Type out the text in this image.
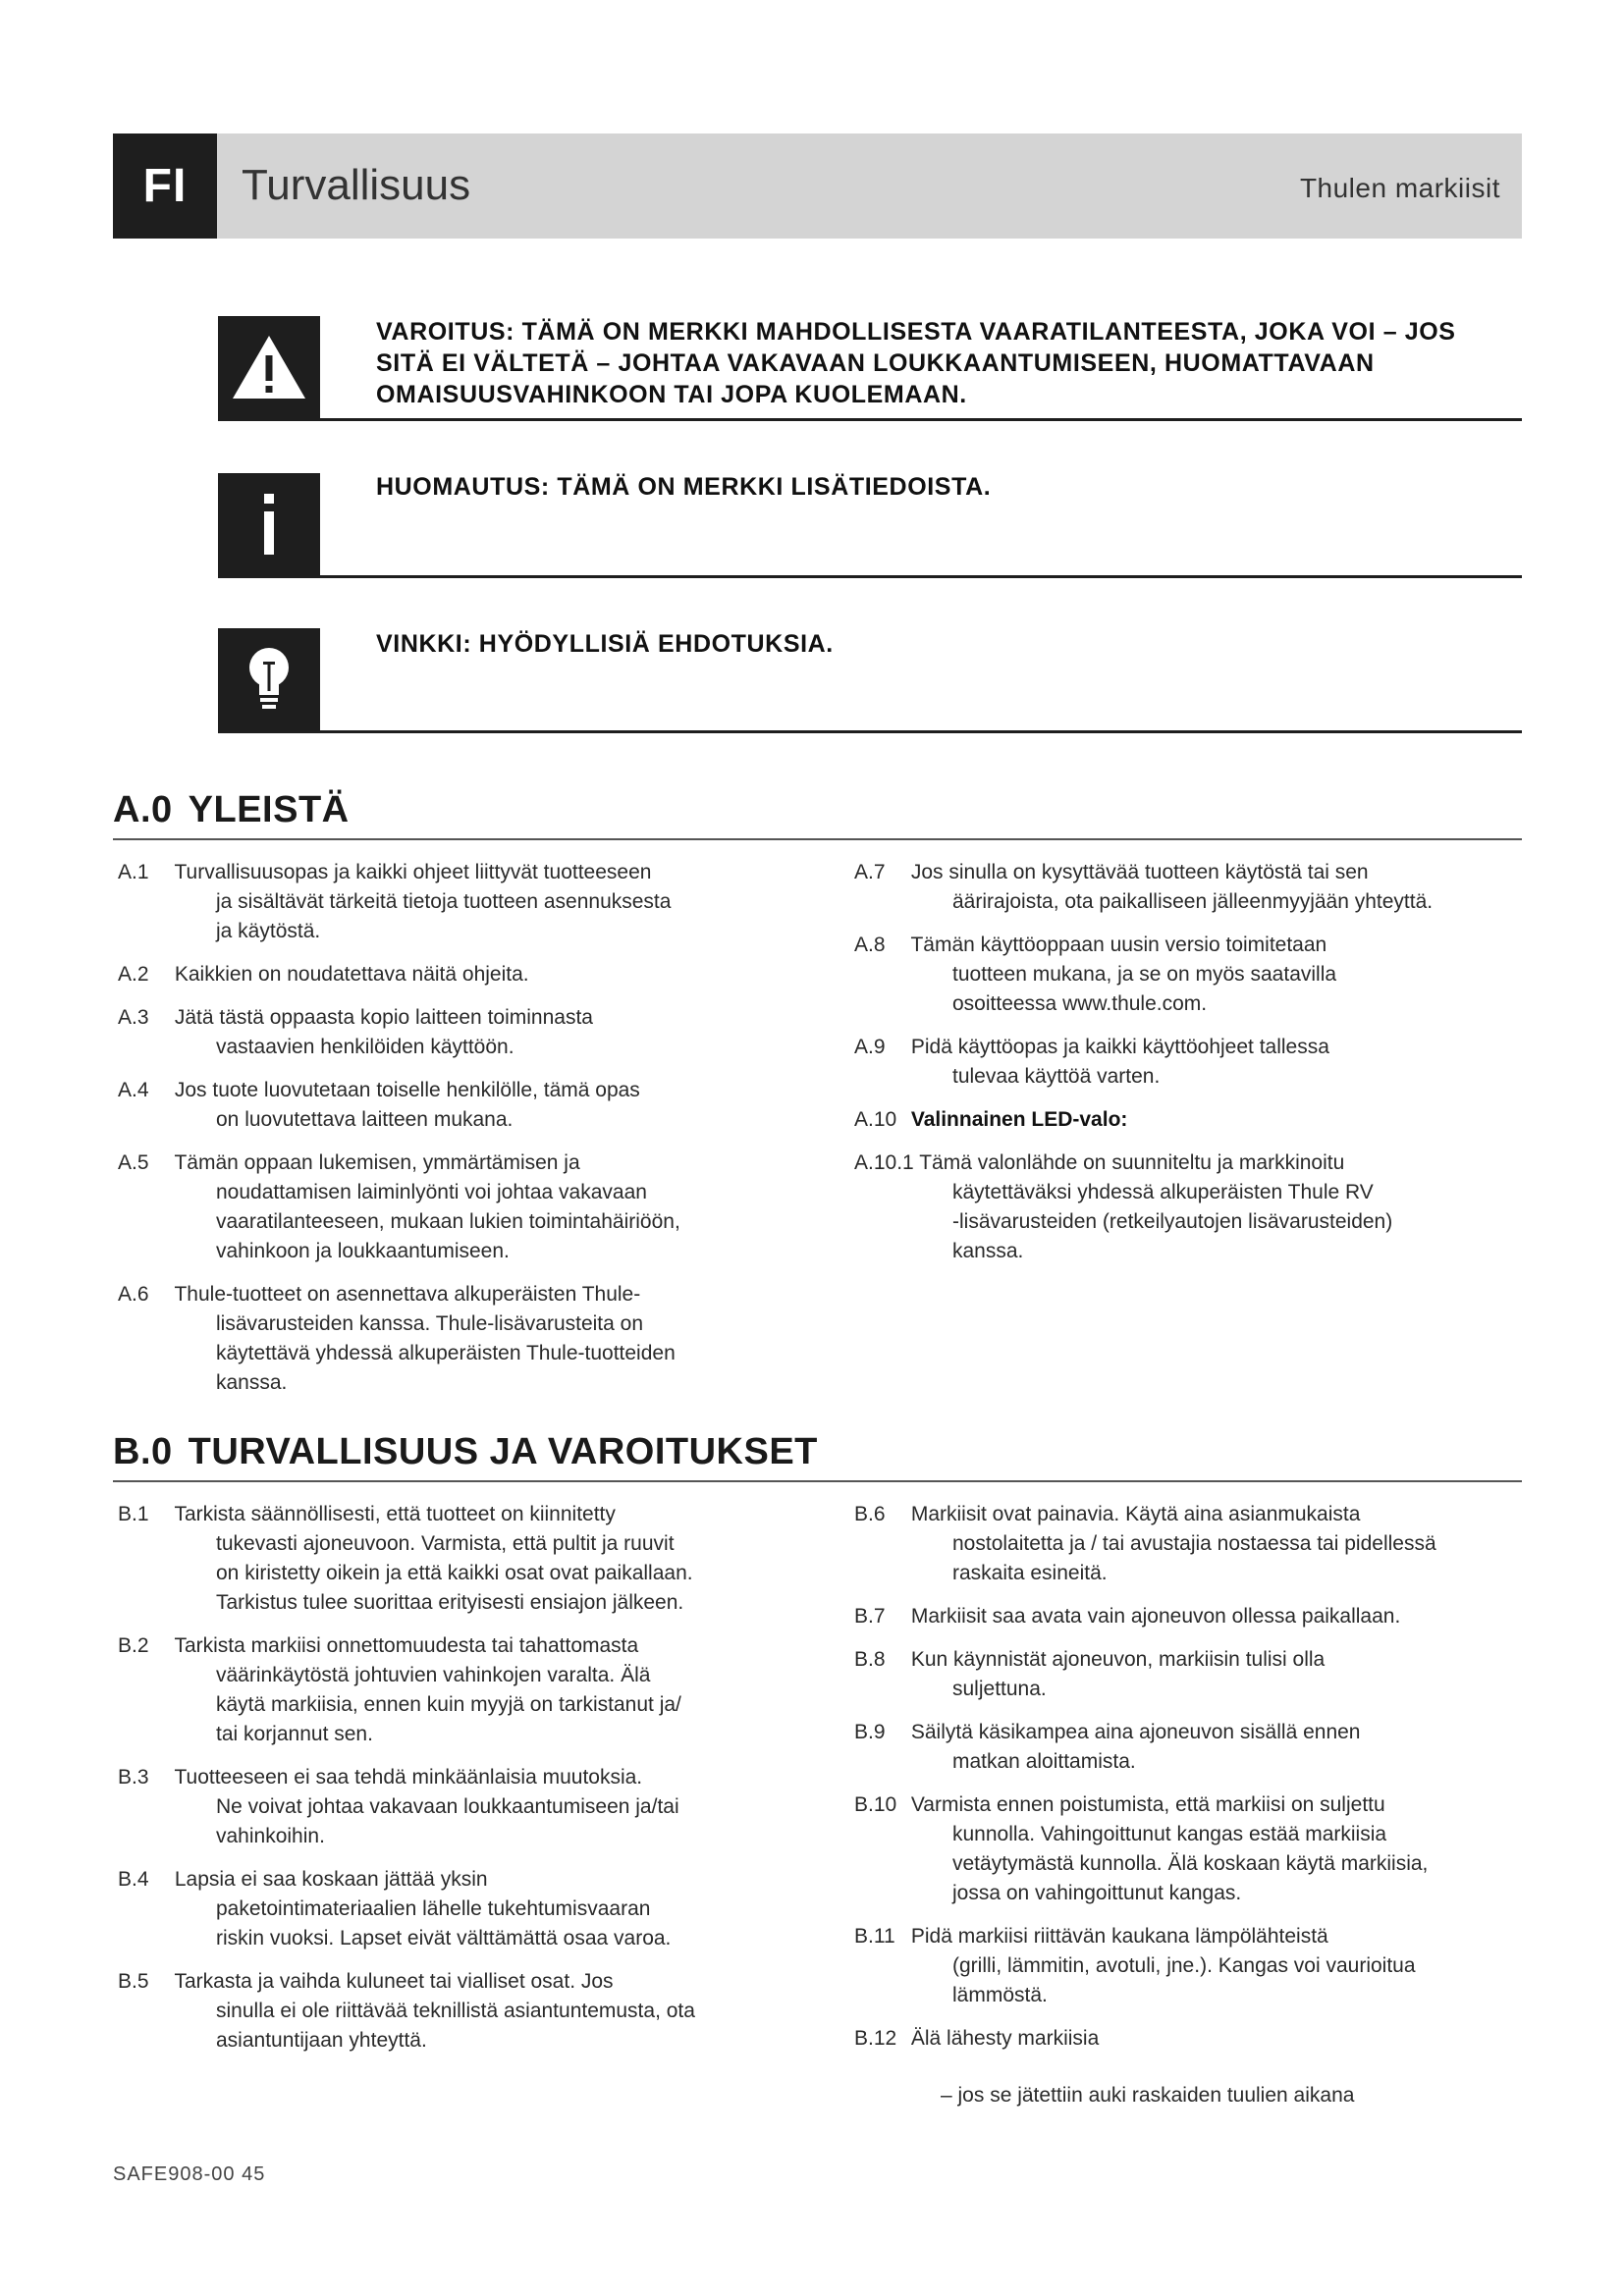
FI	Turvallisuus	Thulen markiisit
VAROITUS: TÄMÄ ON MERKKI MAHDOLLISESTA VAARATILANTEESTA, JOKA VOI – JOS SITÄ EI VÄLTETÄ – JOHTAA VAKAVAAN LOUKKAANTUMISEEN, HUOMATTAVAAN OMAISUUSVAHINKOON TAI JOPA KUOLEMAAN.
HUOMAUTUS: TÄMÄ ON MERKKI LISÄTIEDOISTA.
VINKKI: HYÖDYLLISIÄ EHDOTUKSIA.
A.0 YLEISTÄ
A.1 Turvallisuusopas ja kaikki ohjeet liittyvät tuotteeseen
ja sisältävät tärkeitä tietoja tuotteen asennuksesta
ja käytöstä.
A.2 Kaikkien on noudatettava näitä ohjeita.
A.3 Jätä tästä oppaasta kopio laitteen toiminnasta
vastaavien henkilöiden käyttöön.
A.4 Jos tuote luovutetaan toiselle henkilölle, tämä opas
on luovutettava laitteen mukana.
A.5 Tämän oppaan lukemisen, ymmärtämisen ja
noudattamisen laiminlyönti voi johtaa vakavaan
vaaratilanteeseen, mukaan lukien toimintahäiriöön,
vahinkoon ja loukkaantumiseen.
A.6 Thule-tuotteet on asennettava alkuperäisten Thule-
lisävarusteiden kanssa. Thule-lisävarusteita on
käytettävä yhdessä alkuperäisten Thule-tuotteiden
kanssa.
A.7 Jos sinulla on kysyttävää tuotteen käytöstä tai sen
äärirajoista, ota paikalliseen jälleenmyyjään yhteyttä.
A.8 Tämän käyttöoppaan uusin versio toimitetaan
tuotteen mukana, ja se on myös saatavilla
osoitteessa www.thule.com.
A.9 Pidä käyttöopas ja kaikki käyttöohjeet tallessa
tulevaa käyttöä varten.
A.10 Valinnainen LED-valo:
A.10.1 Tämä valonlähde on suunniteltu ja markkinoitu
käytettäväksi yhdessä alkuperäisten Thule RV
-lisävarusteiden (retkeilyautojen lisävarusteiden)
kanssa.
B.0 TURVALLISUUS JA VAROITUKSET
B.1 Tarkista säännöllisesti, että tuotteet on kiinnitetty
tukevasti ajoneuvoon. Varmista, että pultit ja ruuvit
on kiristetty oikein ja että kaikki osat ovat paikallaan.
Tarkistus tulee suorittaa erityisesti ensiajon jälkeen.
B.2 Tarkista markiisi onnettomuudesta tai tahattomasta
väärinkäytöstä johtuvien vahinkojen varalta. Älä
käytä markiisia, ennen kuin myyjä on tarkistanut ja/
tai korjannut sen.
B.3 Tuotteeseen ei saa tehdä minkäänlaisia muutoksia.
Ne voivat johtaa vakavaan loukkaantumiseen ja/tai
vahinkoihin.
B.4 Lapsia ei saa koskaan jättää yksin
paketointimateriaalien lähelle tukehtumisvaaran
riskin vuoksi. Lapset eivät välttämättä osaa varoa.
B.5 Tarkasta ja vaihda kuluneet tai vialliset osat. Jos
sinulla ei ole riittävää teknillistä asiantuntemusta, ota
asiantuntijaan yhteyttä.
B.6 Markiisit ovat painavia. Käytä aina asianmukaista
nostolaitetta ja / tai avustajia nostaessa tai pidellessä
raskaita esineitä.
B.7 Markiisit saa avata vain ajoneuvon ollessa paikallaan.
B.8 Kun käynnistät ajoneuvon, markiisin tulisi olla
suljettuna.
B.9 Säilytä käsikampea aina ajoneuvon sisällä ennen
matkan aloittamista.
B.10 Varmista ennen poistumista, että markiisi on suljettu
kunnolla. Vahingoittunut kangas estää markiisia
vetäytymästä kunnolla. Älä koskaan käytä markiisia,
jossa on vahingoittunut kangas.
B.11 Pidä markiisi riittävän kaukana lämpölähteistä
(grilli, lämmitin, avotuli, jne.). Kangas voi vaurioitua
lämmöstä.
B.12 Älä lähesty markiisia
– jos se jätettiin auki raskaiden tuulien aikana
SAFE908-00 45
